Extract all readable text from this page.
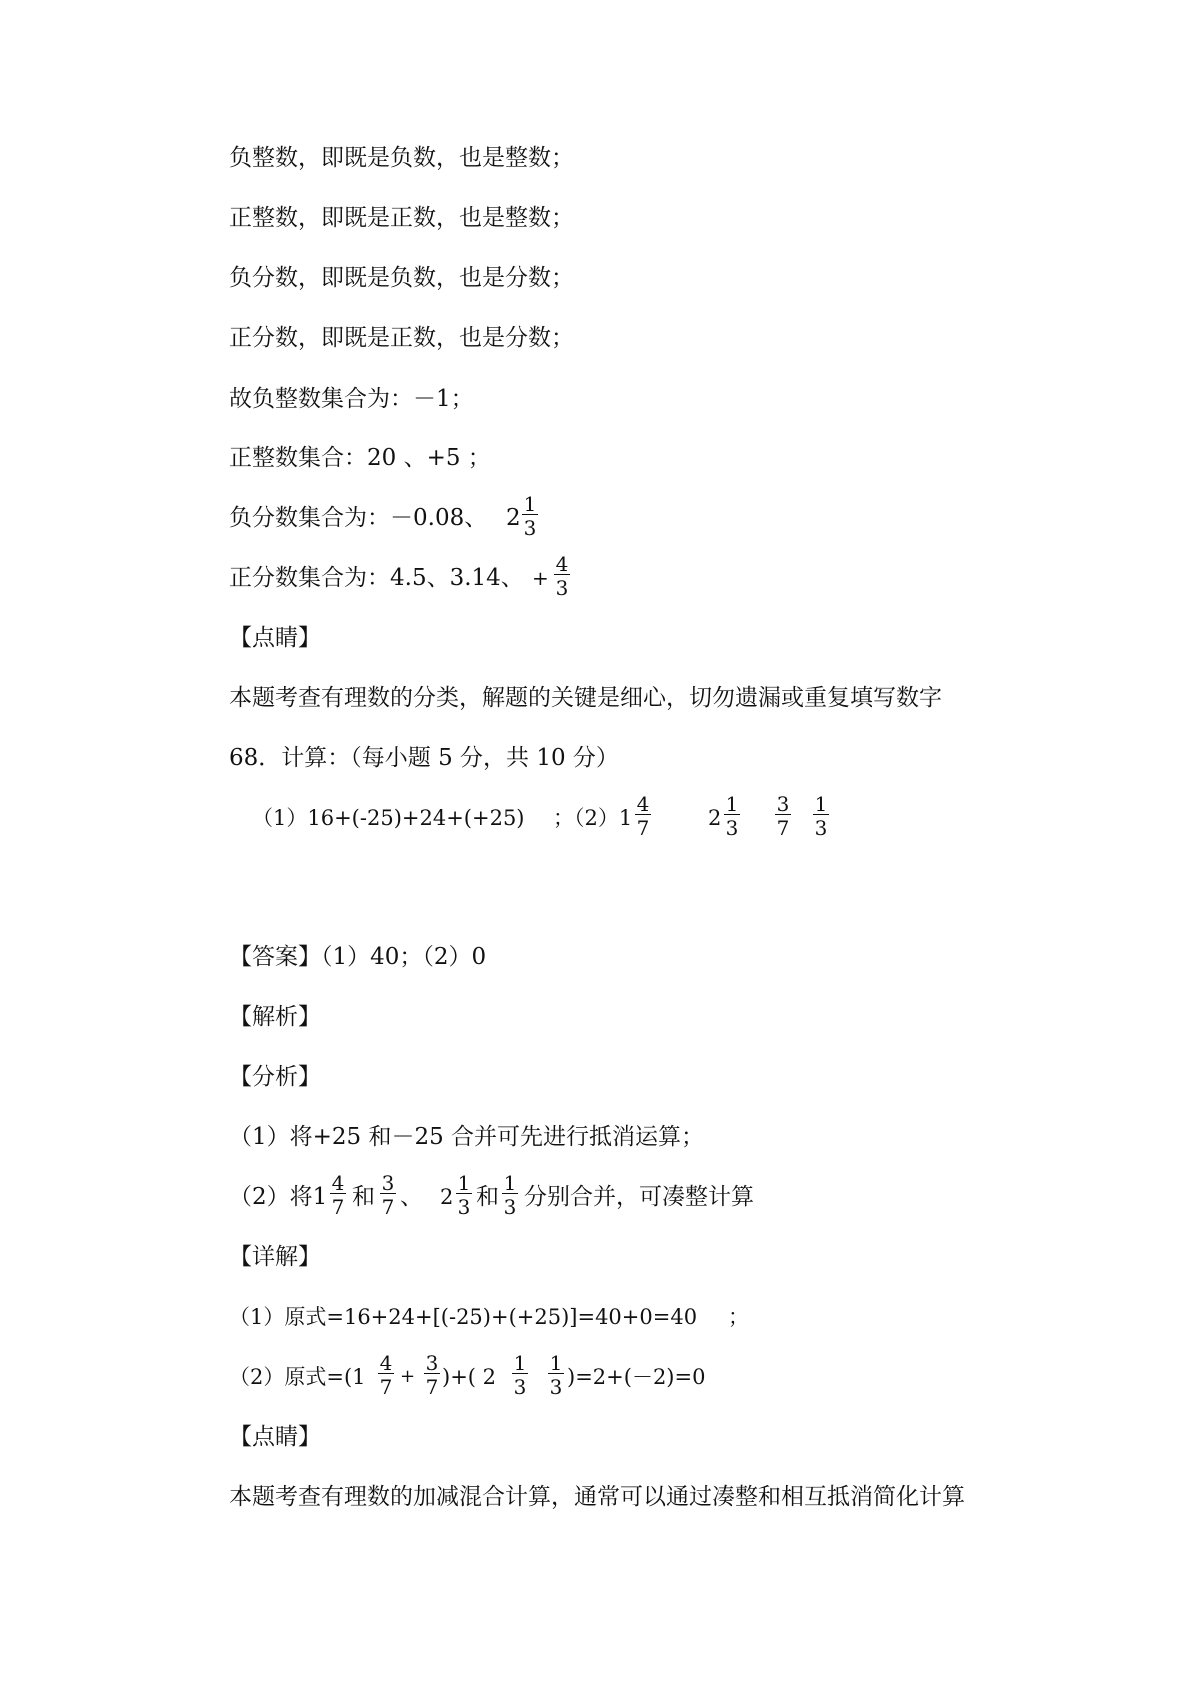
负整数，即既是负数，也是整数；
正整数，即既是正数，也是整数；
负分数，即既是负数，也是分数；
正分数，即既是正数，也是分数；
故负整数集合为：－1；
正整数集合：20 、+5 ；
负分数集合为：－0.08、 $2 \frac{1}{3}$
正分数集合为：4.5、3.14、 + $\frac{4}{3}$
【点睛】
本题考查有理数的分类，解题的关键是细心，切勿遗漏或重复填写数字
68．计算：（每小题 5 分，共 10 分）
（1）16+(-25)+24+(+25) ；$(2)1 \frac{4}{7}$	$2 \frac{1}{3} \frac{3}{7} \frac{1}{3}$
【答案】（1）40；（2）0
【解析】
【分析】
（1）将+25 和－25 合并可先进行抵消运算；
（2）将$1 \frac{4}{7}$ 和 $\frac{3}{7}$ 、 $2 \frac{1}{3}$ 和 $\frac{1}{3}$ 分别合并，可凑整计算
【详解】
（1）原式=16+24+[(-25)+(+25)]=40+0=40 ；
（2）原式$=(1 \frac{4}{7} + \frac{3}{7}$ )+( $2 \frac{1}{3} \frac{1}{3} )=2+(-2)=0$
【点睛】
本题考查有理数的加减混合计算，通常可以通过凑整和相互抵消简化计算
